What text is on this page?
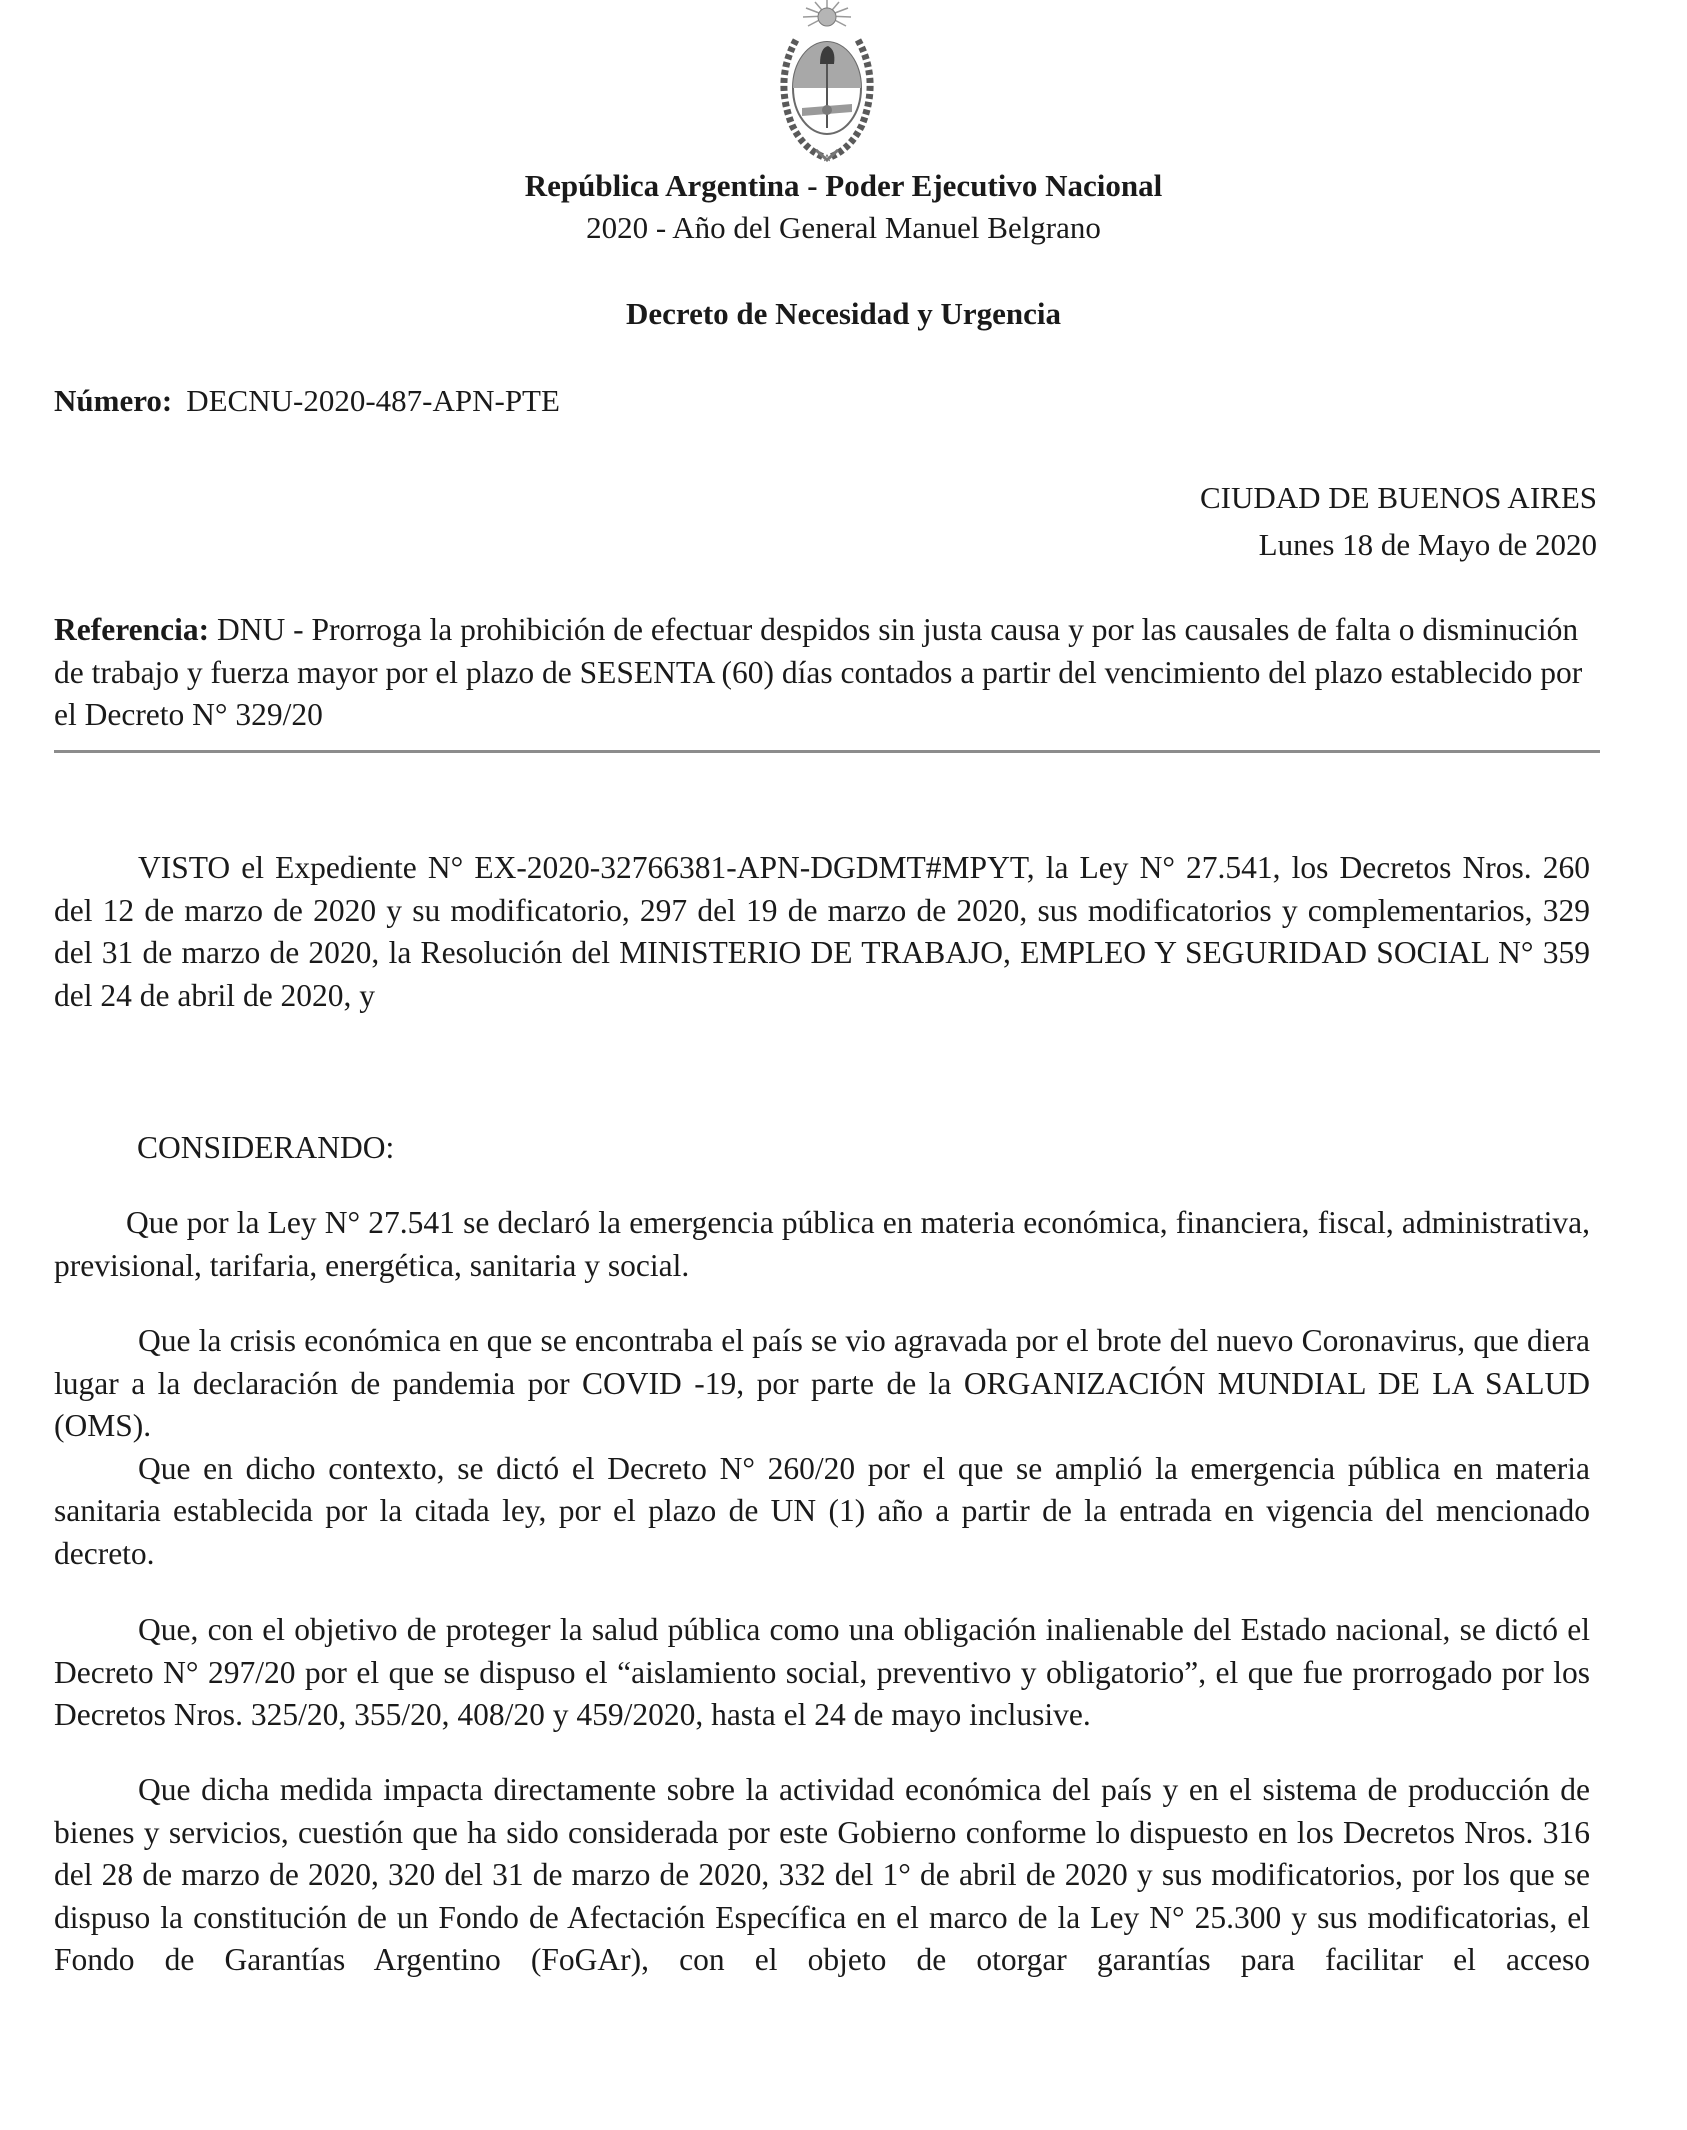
República Argentina - Poder Ejecutivo Nacional
2020 - Año del General Manuel Belgrano
Decreto de Necesidad y Urgencia
Número: DECNU-2020-487-APN-PTE
CIUDAD DE BUENOS AIRES
Lunes 18 de Mayo de 2020

Referencia: DNU - Prorroga la prohibición de efectuar despidos sin justa causa y por las causales de falta o disminución de trabajo y fuerza mayor por el plazo de SESENTA (60) días contados a partir del vencimiento del plazo establecido por el Decreto N° 329/20

VISTO el Expediente N° EX-2020-32766381-APN-DGDMT#MPYT, la Ley N° 27.541, los Decretos Nros. 260 del 12 de marzo de 2020 y su modificatorio, 297 del 19 de marzo de 2020, sus modificatorios y complementarios, 329 del 31 de marzo de 2020, la Resolución del MINISTERIO DE TRABAJO, EMPLEO Y SEGURIDAD SOCIAL N° 359 del 24 de abril de 2020, y

CONSIDERANDO:

Que por la Ley N° 27.541 se declaró la emergencia pública en materia económica, financiera, fiscal, administrativa, previsional, tarifaria, energética, sanitaria y social.

Que la crisis económica en que se encontraba el país se vio agravada por el brote del nuevo Coronavirus, que diera lugar a la declaración de pandemia por COVID -19, por parte de la ORGANIZACIÓN MUNDIAL DE LA SALUD (OMS).

Que en dicho contexto, se dictó el Decreto N° 260/20 por el que se amplió la emergencia pública en materia sanitaria establecida por la citada ley, por el plazo de UN (1) año a partir de la entrada en vigencia del mencionado decreto.

Que, con el objetivo de proteger la salud pública como una obligación inalienable del Estado nacional, se dictó el Decreto N° 297/20 por el que se dispuso el “aislamiento social, preventivo y obligatorio”, el que fue prorrogado por los Decretos Nros. 325/20, 355/20, 408/20 y 459/2020, hasta el 24 de mayo inclusive.

Que dicha medida impacta directamente sobre la actividad económica del país y en el sistema de producción de bienes y servicios, cuestión que ha sido considerada por este Gobierno conforme lo dispuesto en los Decretos Nros. 316 del 28 de marzo de 2020, 320 del 31 de marzo de 2020, 332 del 1° de abril de 2020 y sus modificatorios, por los que se dispuso la constitución de un Fondo de Afectación Específica en el marco de la Ley N° 25.300 y sus modificatorias, el Fondo de Garantías Argentino (FoGAr), con el objeto de otorgar garantías para facilitar el acceso
